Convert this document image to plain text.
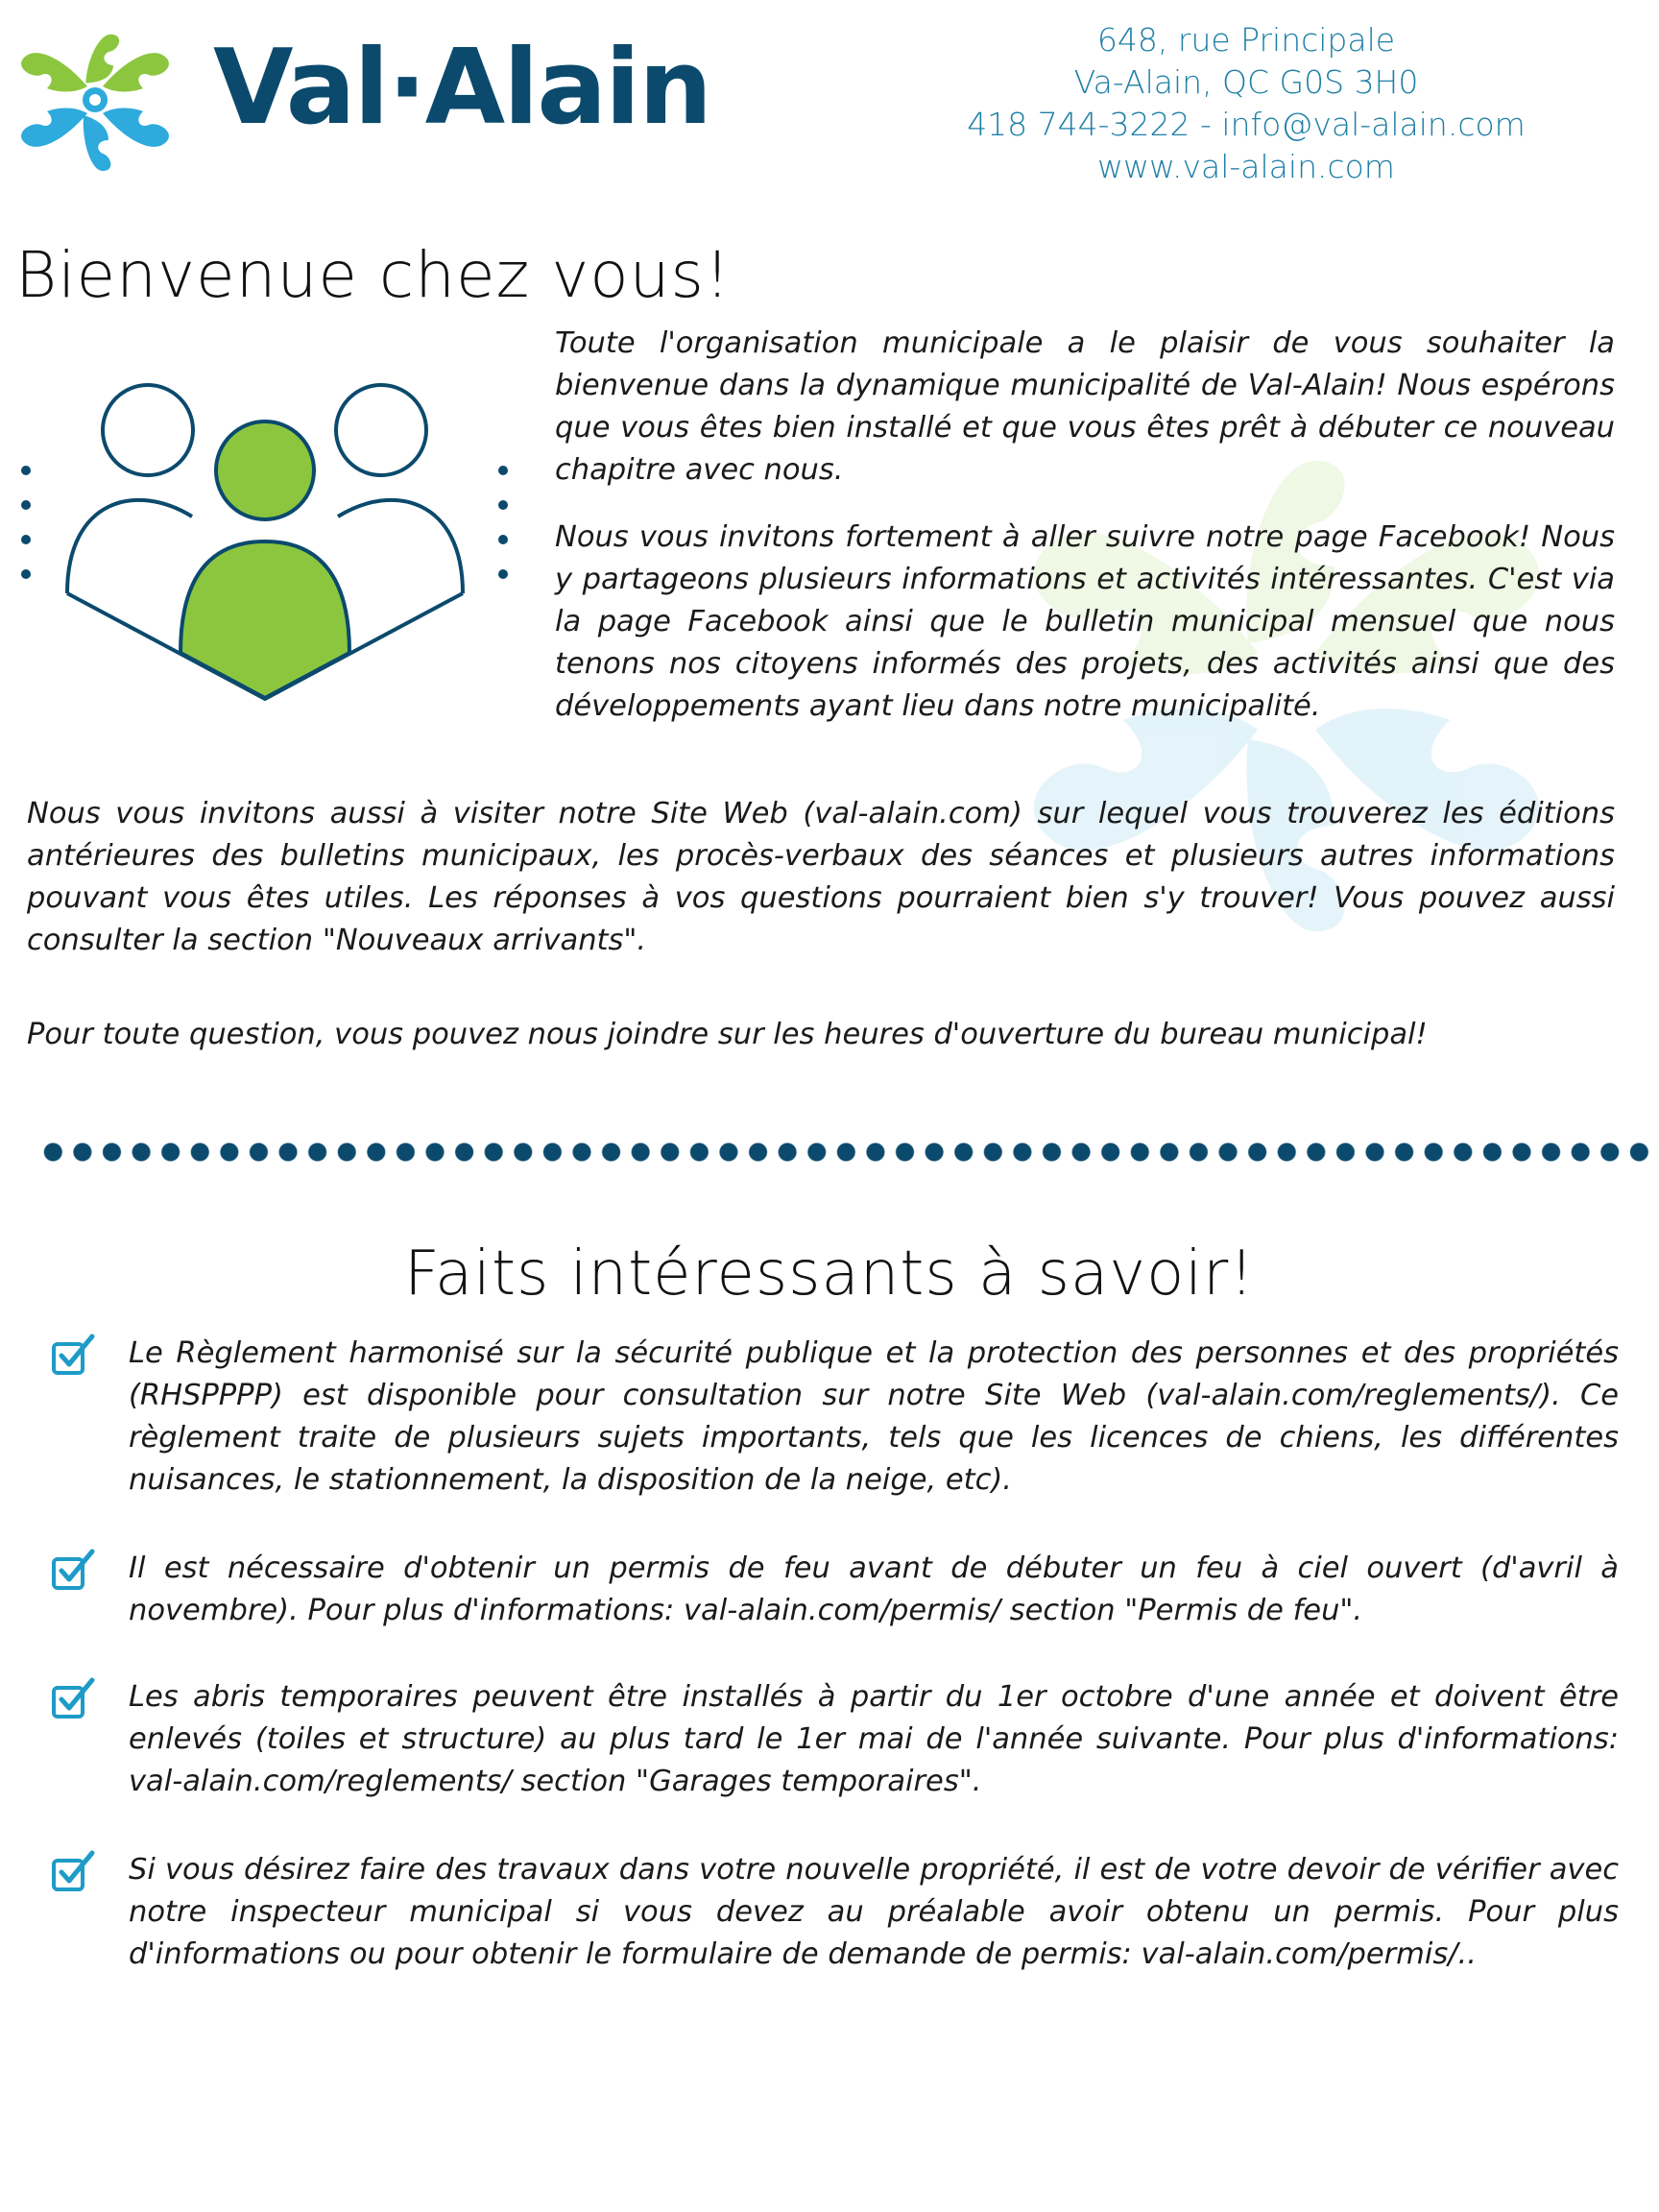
Val·Alain	648, rue Principale
Va-Alain, QC G0S 3H0
418 744-3222 - info@val-alain.com
www.val-alain.com
Bienvenue chez vous!
Toute l'organisation municipale a le plaisir de vous souhaiter la bienvenue dans la dynamique municipalité de Val-Alain! Nous espérons que vous êtes bien installé et que vous êtes prêt à débuter ce nouveau chapitre avec nous.
Nous vous invitons fortement à aller suivre notre page Facebook! Nous y partageons plusieurs informations et activités intéressantes. C'est via la page Facebook ainsi que le bulletin municipal mensuel que nous tenons nos citoyens informés des projets, des activités ainsi que des développements ayant lieu dans notre municipalité.
Nous vous invitons aussi à visiter notre Site Web (val-alain.com) sur lequel vous trouverez les éditions antérieures des bulletins municipaux, les procès-verbaux des séances et plusieurs autres informations pouvant vous êtes utiles. Les réponses à vos questions pourraient bien s'y trouver! Vous pouvez aussi consulter la section "Nouveaux arrivants".
Pour toute question, vous pouvez nous joindre sur les heures d'ouverture du bureau municipal!
Faits intéressants à savoir!
Le Règlement harmonisé sur la sécurité publique et la protection des personnes et des propriétés (RHSPPPP) est disponible pour consultation sur notre Site Web (val-alain.com/reglements/). Ce règlement traite de plusieurs sujets importants, tels que les licences de chiens, les différentes nuisances, le stationnement, la disposition de la neige, etc).
Il est nécessaire d'obtenir un permis de feu avant de débuter un feu à ciel ouvert (d'avril à novembre). Pour plus d'informations: val-alain.com/permis/ section "Permis de feu".
Les abris temporaires peuvent être installés à partir du 1er octobre d'une année et doivent être enlevés (toiles et structure) au plus tard le 1er mai de l'année suivante. Pour plus d'informations: val-alain.com/reglements/ section "Garages temporaires".
Si vous désirez faire des travaux dans votre nouvelle propriété, il est de votre devoir de vérifier avec notre inspecteur municipal si vous devez au préalable avoir obtenu un permis. Pour plus d'informations ou pour obtenir le formulaire de demande de permis: val-alain.com/permis/..
